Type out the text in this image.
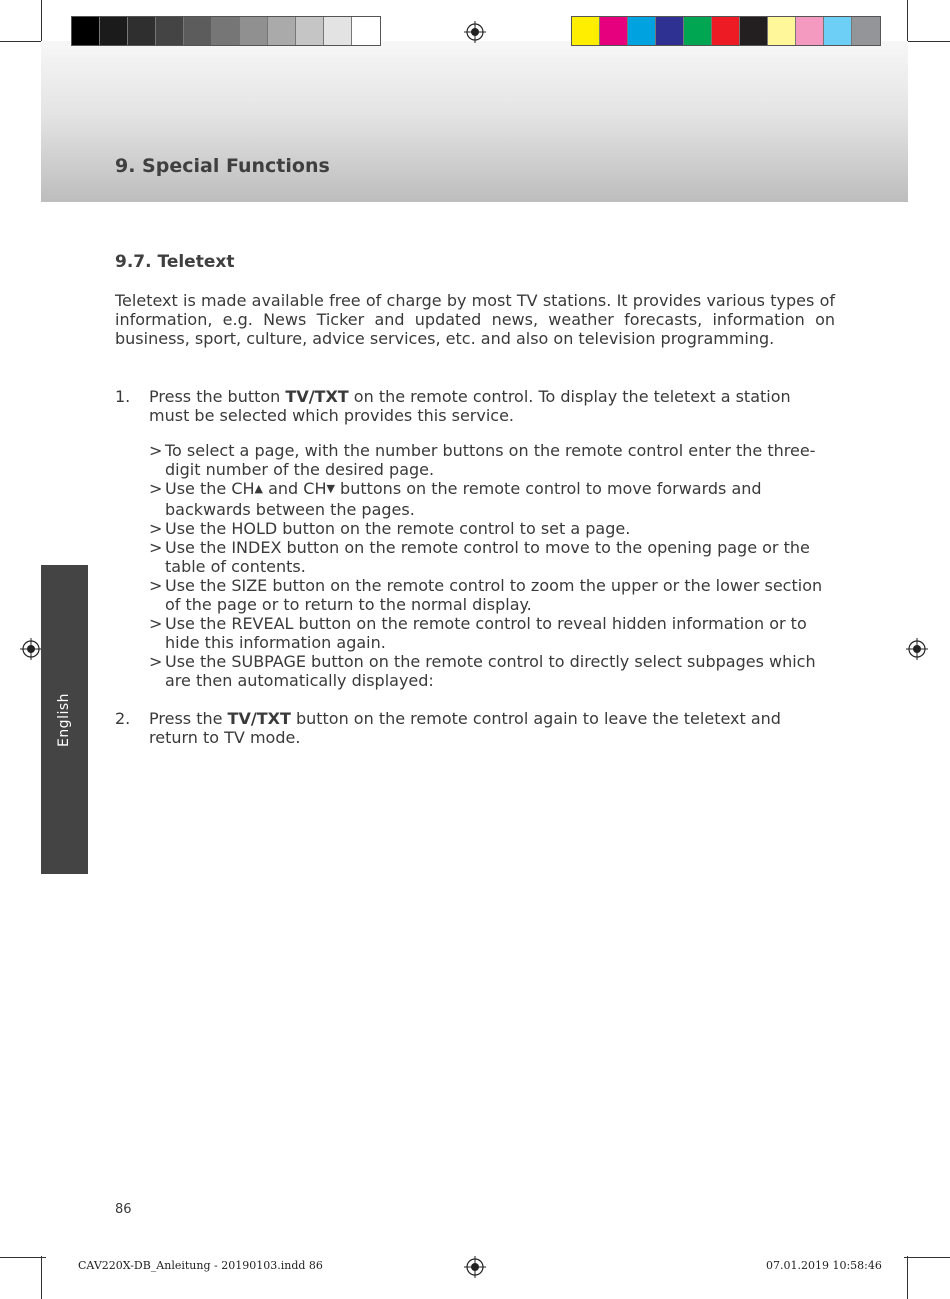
9. Special Functions
9.7. Teletext
Teletext is made available free of charge by most TV stations. It provides various types of information, e.g. News Ticker and updated news, weather forecasts, information on business, sport, culture, advice services, etc. and also on television programming.
1. Press the button TV/TXT on the remote control. To display the teletext a station must be selected which provides this service.
> To select a page, with the number buttons on the remote control enter the three-digit number of the desired page.
> Use the CH▲ and CH▼ buttons on the remote control to move forwards and backwards between the pages.
> Use the HOLD button on the remote control to set a page.
> Use the INDEX button on the remote control to move to the opening page or the table of contents.
> Use the SIZE button on the remote control to zoom the upper or the lower section of the page or to return to the normal display.
> Use the REVEAL button on the remote control to reveal hidden information or to hide this information again.
> Use the SUBPAGE button on the remote control to directly select subpages which are then automatically displayed:
2. Press the TV/TXT button on the remote control again to leave the teletext and return to TV mode.
English
86
CAV220X-DB_Anleitung - 20190103.indd 86	07.01.2019 10:58:46
